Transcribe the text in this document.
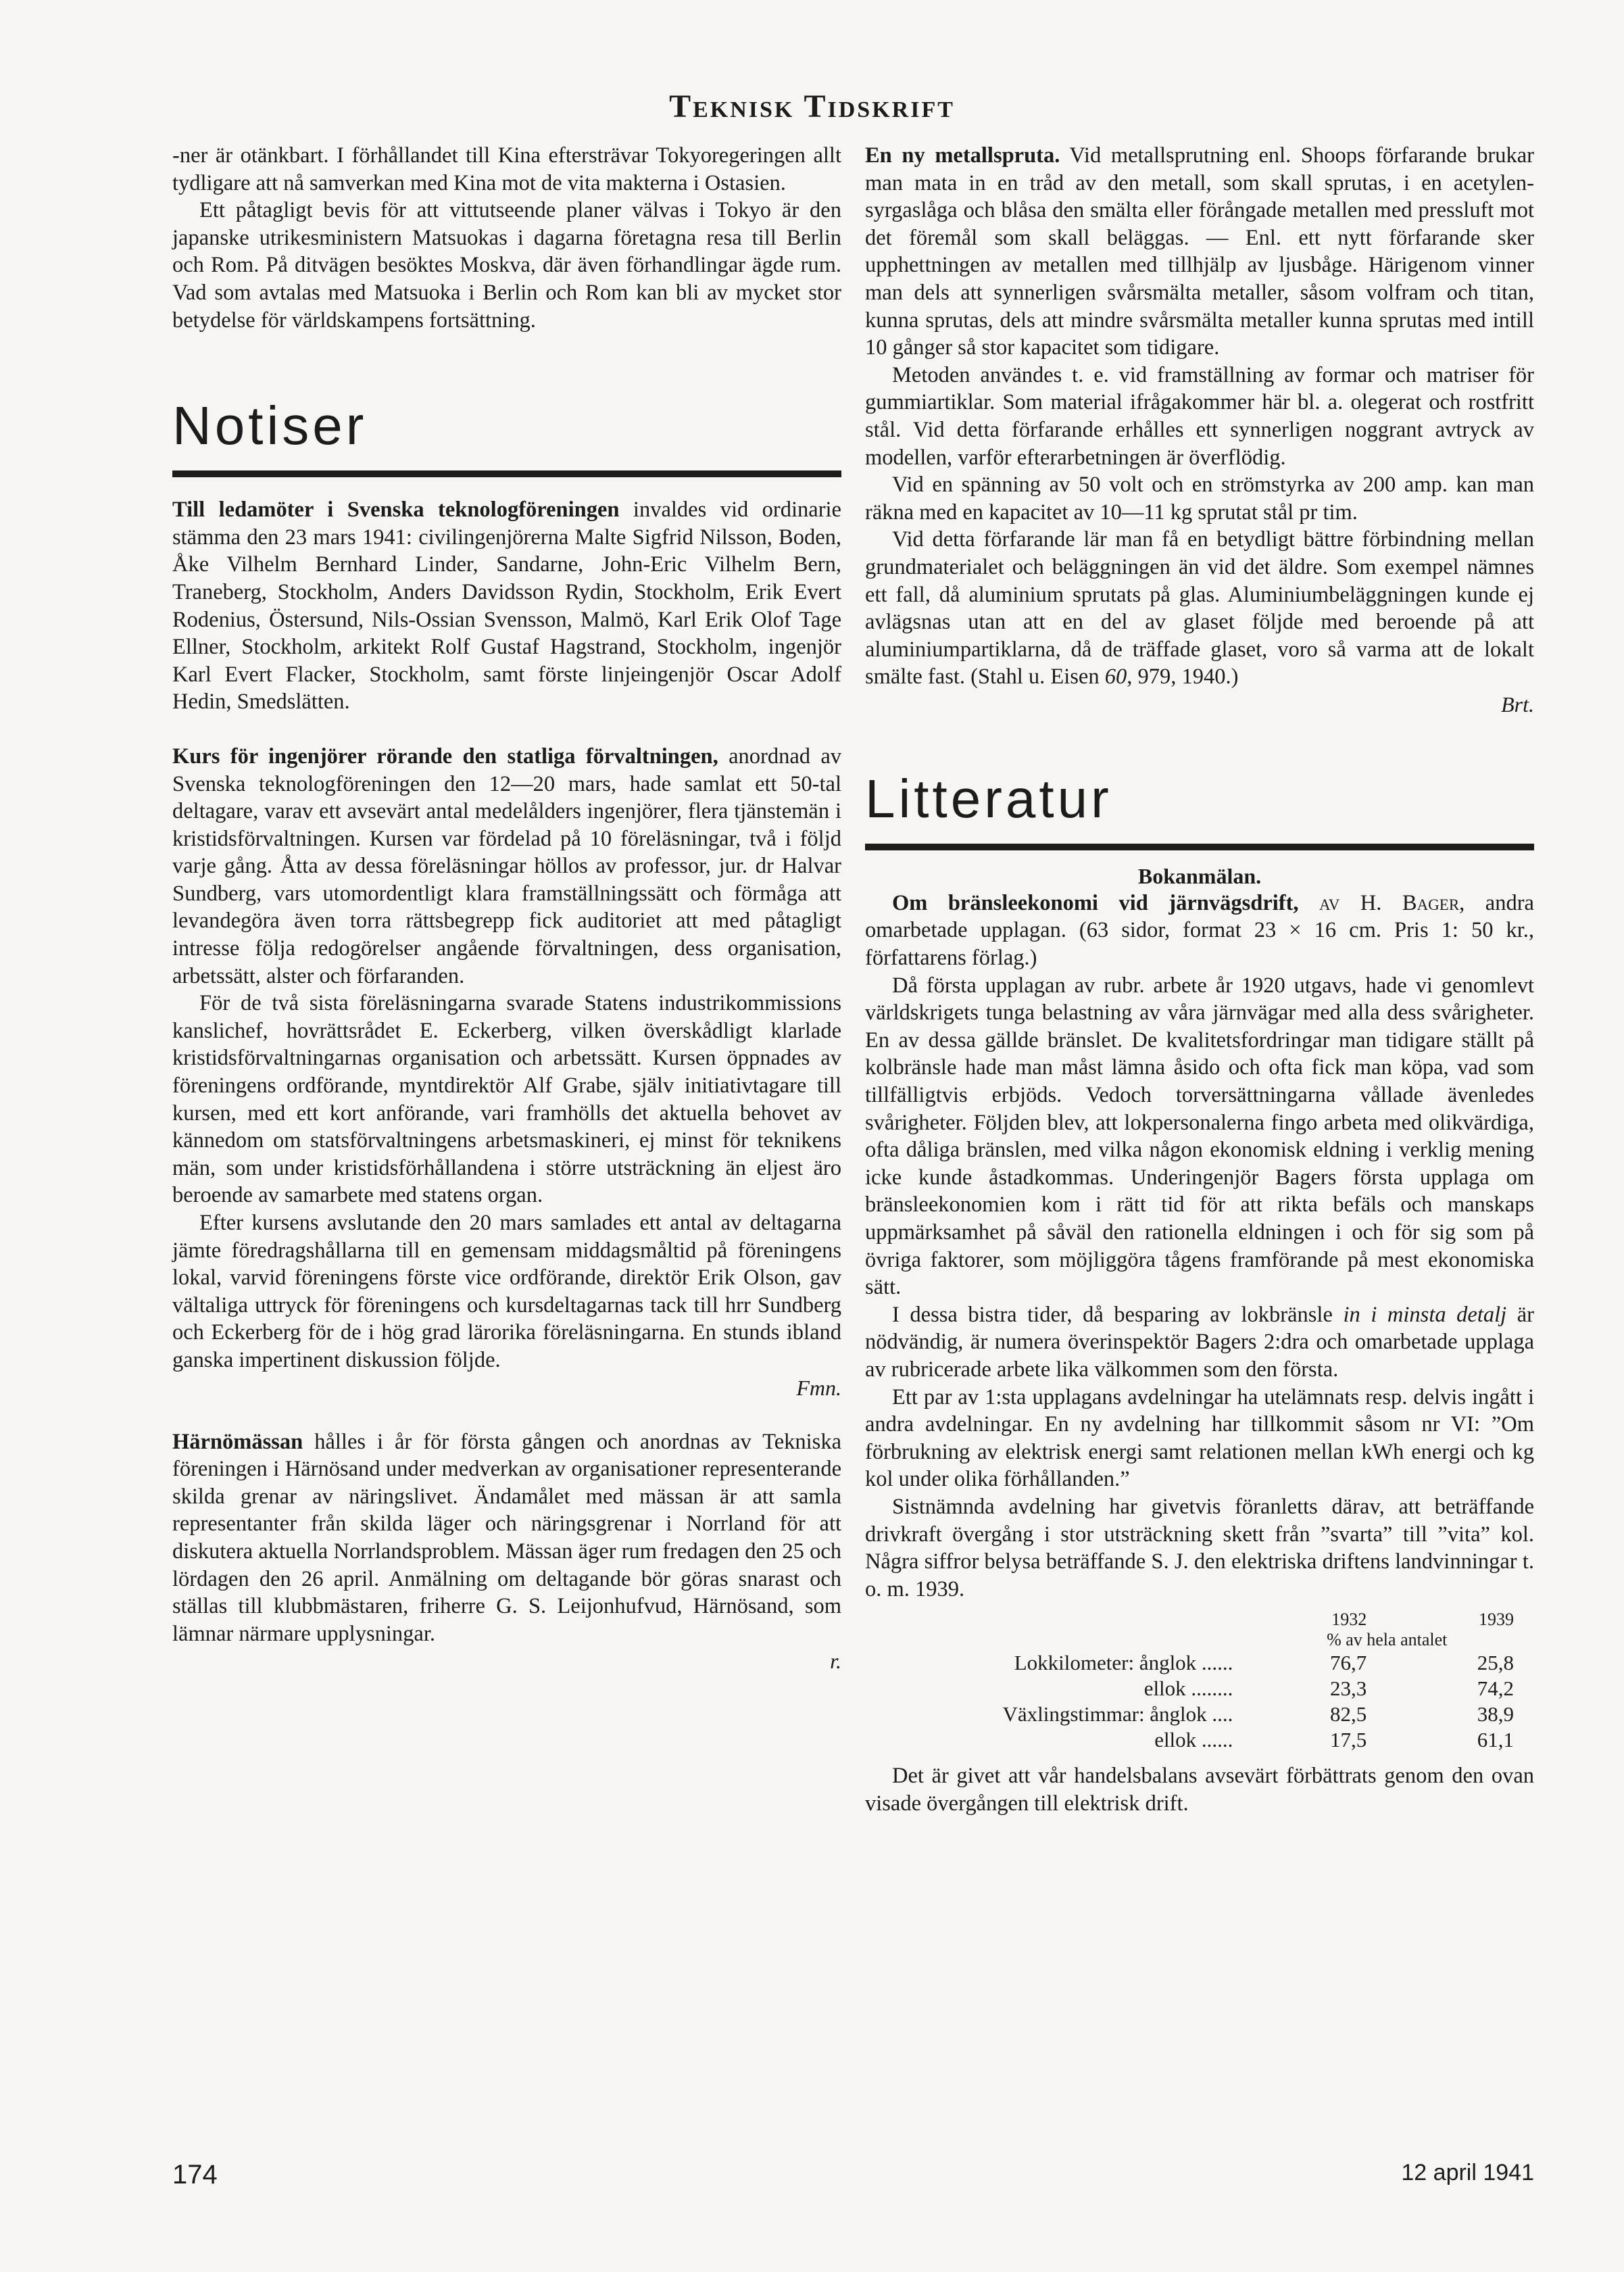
Teknisk Tidskrift

-ner är otänkbart. I förhållandet till Kina eftersträvar Tokyoregeringen allt tydligare att nå samverkan med Kina mot de vita makterna i Ostasien.

Ett påtagligt bevis för att vittutseende planer välvas i Tokyo är den japanske utrikesministern Matsuokas i dagarna företagna resa till Berlin och Rom. På ditvägen besöktes Moskva, där även förhandlingar ägde rum. Vad som avtalas med Matsuoka i Berlin och Rom kan bli av mycket stor betydelse för världskampens fortsättning.

Notiser

Till ledamöter i Svenska teknologföreningen invaldes vid ordinarie stämma den 23 mars 1941: civilingenjörerna Malte Sigfrid Nilsson, Boden, Åke Vilhelm Bernhard Linder, Sandarne, John-Eric Vilhelm Bern, Traneberg, Stockholm, Anders Davidsson Rydin, Stockholm, Erik Evert Rodenius, Östersund, Nils-Ossian Svensson, Malmö, Karl Erik Olof Tage Ellner, Stockholm, arkitekt Rolf Gustaf Hagstrand, Stockholm, ingenjör Karl Evert Flacker, Stockholm, samt förste linjeingenjör Oscar Adolf Hedin, Smedslätten.

Kurs för ingenjörer rörande den statliga förvaltningen, anordnad av Svenska teknologföreningen den 12—20 mars, hade samlat ett 50-tal deltagare, varav ett avsevärt antal medelålders ingenjörer, flera tjänstemän i kristidsförvaltningen. Kursen var fördelad på 10 föreläsningar, två i följd varje gång. Åtta av dessa föreläsningar höllos av professor, jur. dr Halvar Sundberg, vars utomordentligt klara framställningssätt och förmåga att levandegöra även torra rättsbegrepp fick auditoriet att med påtagligt intresse följa redogörelser angående förvaltningen, dess organisation, arbetssätt, alster och förfaranden.

För de två sista föreläsningarna svarade Statens industrikommissions kanslichef, hovrättsrådet E. Eckerberg, vilken överskådligt klarlade kristidsförvaltningarnas organisation och arbetssätt. Kursen öppnades av föreningens ordförande, myntdirektör Alf Grabe, själv initiativtagare till kursen, med ett kort anförande, vari framhölls det aktuella behovet av kännedom om statsförvaltningens arbetsmaskineri, ej minst för teknikens män, som under kristidsförhållandena i större utsträckning än eljest äro beroende av samarbete med statens organ.

Efter kursens avslutande den 20 mars samlades ett antal av deltagarna jämte föredragshållarna till en gemensam middagsmåltid på föreningens lokal, varvid föreningens förste vice ordförande, direktör Erik Olson, gav vältaliga uttryck för föreningens och kursdeltagarnas tack till hrr Sundberg och Eckerberg för de i hög grad lärorika föreläsningarna. En stunds ibland ganska impertinent diskussion följde.

Fmn.

Härnömässan hålles i år för första gången och anordnas av Tekniska föreningen i Härnösand under medverkan av organisationer representerande skilda grenar av näringslivet. Ändamålet med mässan är att samla representanter från skilda läger och näringsgrenar i Norrland för att diskutera aktuella Norrlandsproblem. Mässan äger rum fredagen den 25 och lördagen den 26 april. Anmälning om deltagande bör göras snarast och ställas till klubbmästaren, friherre G. S. Leijonhufvud, Härnösand, som lämnar närmare upplysningar.

r.

En ny metallspruta. Vid metallsprutning enl. Shoops förfarande brukar man mata in en tråd av den metall, som skall sprutas, i en acetylen-syrgaslåga och blåsa den smälta eller förångade metallen med pressluft mot det föremål som skall beläggas. — Enl. ett nytt förfarande sker upphettningen av metallen med tillhjälp av ljusbåge. Härigenom vinner man dels att synnerligen svårsmälta metaller, såsom volfram och titan, kunna sprutas, dels att mindre svårsmälta metaller kunna sprutas med intill 10 gånger så stor kapacitet som tidigare.

Metoden användes t. e. vid framställning av formar och matriser för gummiartiklar. Som material ifrågakommer här bl. a. olegerat och rostfritt stål. Vid detta förfarande erhålles ett synnerligen noggrant avtryck av modellen, varför efterarbetningen är överflödig.

Vid en spänning av 50 volt och en strömstyrka av 200 amp. kan man räkna med en kapacitet av 10—11 kg sprutat stål pr tim.

Vid detta förfarande lär man få en betydligt bättre förbindning mellan grundmaterialet och beläggningen än vid det äldre. Som exempel nämnes ett fall, då aluminium sprutats på glas. Aluminiumbeläggningen kunde ej avlägsnas utan att en del av glaset följde med beroende på att aluminiumpartiklarna, då de träffade glaset, voro så varma att de lokalt smälte fast. (Stahl u. Eisen 60, 979, 1940.)

Brt.

Litteratur

Bokanmälan.

Om bränsleekonomi vid järnvägsdrift, av H. Bager, andra omarbetade upplagan. (63 sidor, format 23 × 16 cm. Pris 1: 50 kr., författarens förlag.)

Då första upplagan av rubr. arbete år 1920 utgavs, hade vi genomlevt världskrigets tunga belastning av våra järnvägar med alla dess svårigheter. En av dessa gällde bränslet. De kvalitetsfordringar man tidigare ställt på kolbränsle hade man måst lämna åsido och ofta fick man köpa, vad som tillfälligtvis erbjöds. Vedoch torversättningarna vållade ävenledes svårigheter. Följden blev, att lokpersonalerna fingo arbeta med olikvärdiga, ofta dåliga bränslen, med vilka någon ekonomisk eldning i verklig mening icke kunde åstadkommas. Underingenjör Bagers första upplaga om bränsleekonomien kom i rätt tid för att rikta befäls och manskaps uppmärksamhet på såväl den rationella eldningen i och för sig som på övriga faktorer, som möjliggöra tågens framförande på mest ekonomiska sätt.

I dessa bistra tider, då besparing av lokbränsle in i minsta detalj är nödvändig, är numera överinspektör Bagers 2:dra och omarbetade upplaga av rubricerade arbete lika välkommen som den första.

Ett par av 1:sta upplagans avdelningar ha utelämnats resp. delvis ingått i andra avdelningar. En ny avdelning har tillkommit såsom nr VI: ”Om förbrukning av elektrisk energi samt relationen mellan kWh energi och kg kol under olika förhållanden.”

Sistnämnda avdelning har givetvis föranletts därav, att beträffande drivkraft övergång i stor utsträckning skett från ”svarta” till ”vita” kol. Några siffror belysa beträffande S. J. den elektriska driftens landvinningar t. o. m. 1939.

	1932	1939
	% av hela antalet	
Lokkilometer: ånglok ......	76,7	25,8
ellok ........	23,3	74,2
Växlingstimmar: ånglok ....	82,5	38,9
ellok ......	17,5	61,1

Det är givet att vår handelsbalans avsevärt förbättrats genom den ovan visade övergången till elektrisk drift.

174	12 april 1941
